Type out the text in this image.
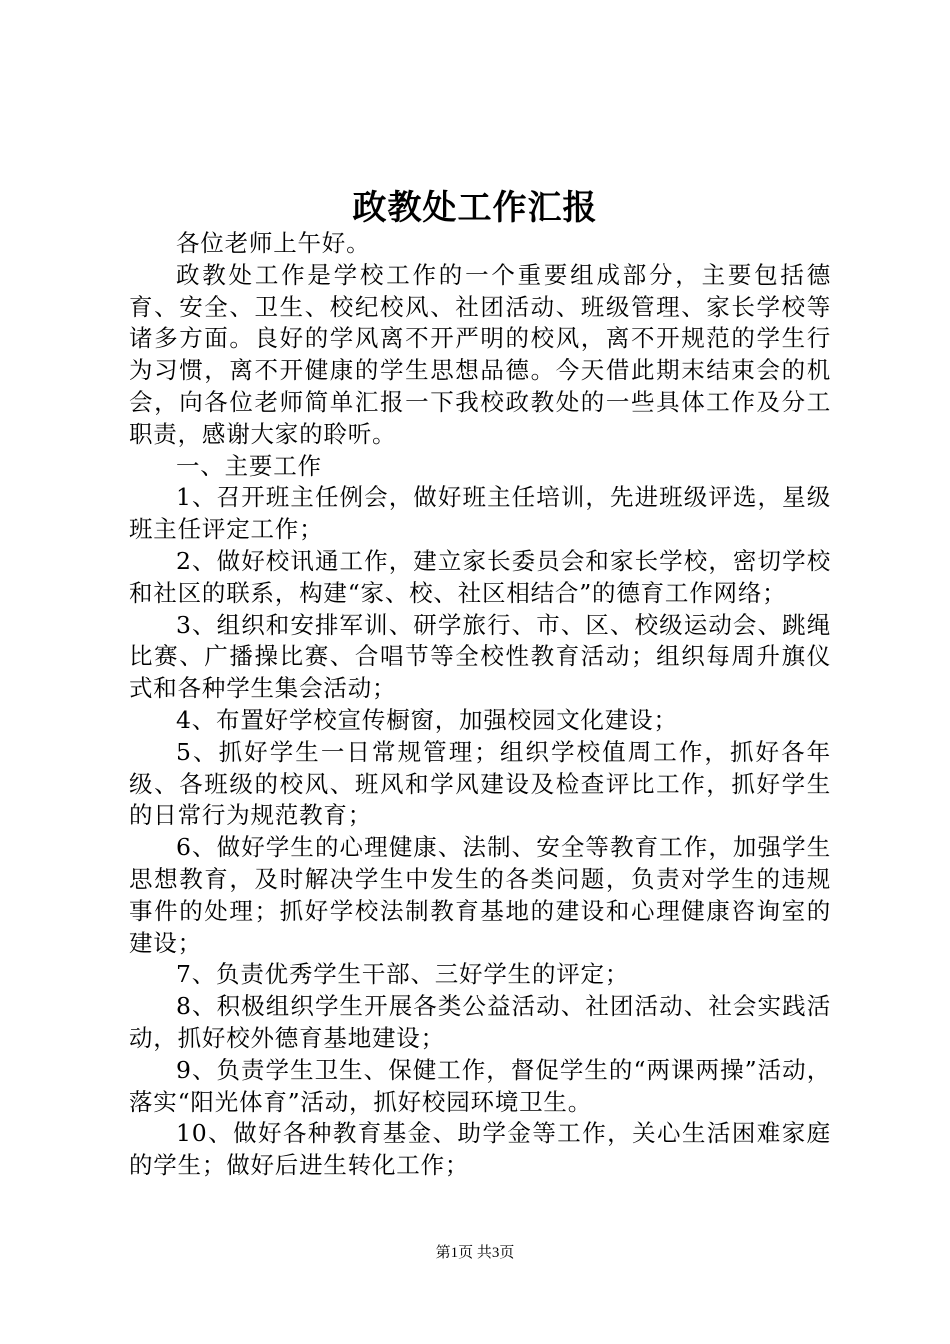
政教处工作汇报

各位老师上午好。

政教处工作是学校工作的一个重要组成部分，主要包括德育、安全、卫生、校纪校风、社团活动、班级管理、家长学校等诸多方面。良好的学风离不开严明的校风，离不开规范的学生行为习惯，离不开健康的学生思想品德。今天借此期末结束会的机会，向各位老师简单汇报一下我校政教处的一些具体工作及分工职责，感谢大家的聆听。

一、主要工作

1、召开班主任例会，做好班主任培训，先进班级评选，星级班主任评定工作；

2、做好校讯通工作，建立家长委员会和家长学校，密切学校和社区的联系，构建“家、校、社区相结合”的德育工作网络；

3、组织和安排军训、研学旅行、市、区、校级运动会、跳绳比赛、广播操比赛、合唱节等全校性教育活动；组织每周升旗仪式和各种学生集会活动；

4、布置好学校宣传橱窗，加强校园文化建设；

5、抓好学生一日常规管理；组织学校值周工作，抓好各年级、各班级的校风、班风和学风建设及检查评比工作，抓好学生的日常行为规范教育；

6、做好学生的心理健康、法制、安全等教育工作，加强学生思想教育，及时解决学生中发生的各类问题，负责对学生的违规事件的处理；抓好学校法制教育基地的建设和心理健康咨询室的建设；

7、负责优秀学生干部、三好学生的评定；

8、积极组织学生开展各类公益活动、社团活动、社会实践活动，抓好校外德育基地建设；

9、负责学生卫生、保健工作，督促学生的“两课两操”活动，落实“阳光体育”活动，抓好校园环境卫生。

10、做好各种教育基金、助学金等工作，关心生活困难家庭的学生；做好后进生转化工作；

第1页 共3页
